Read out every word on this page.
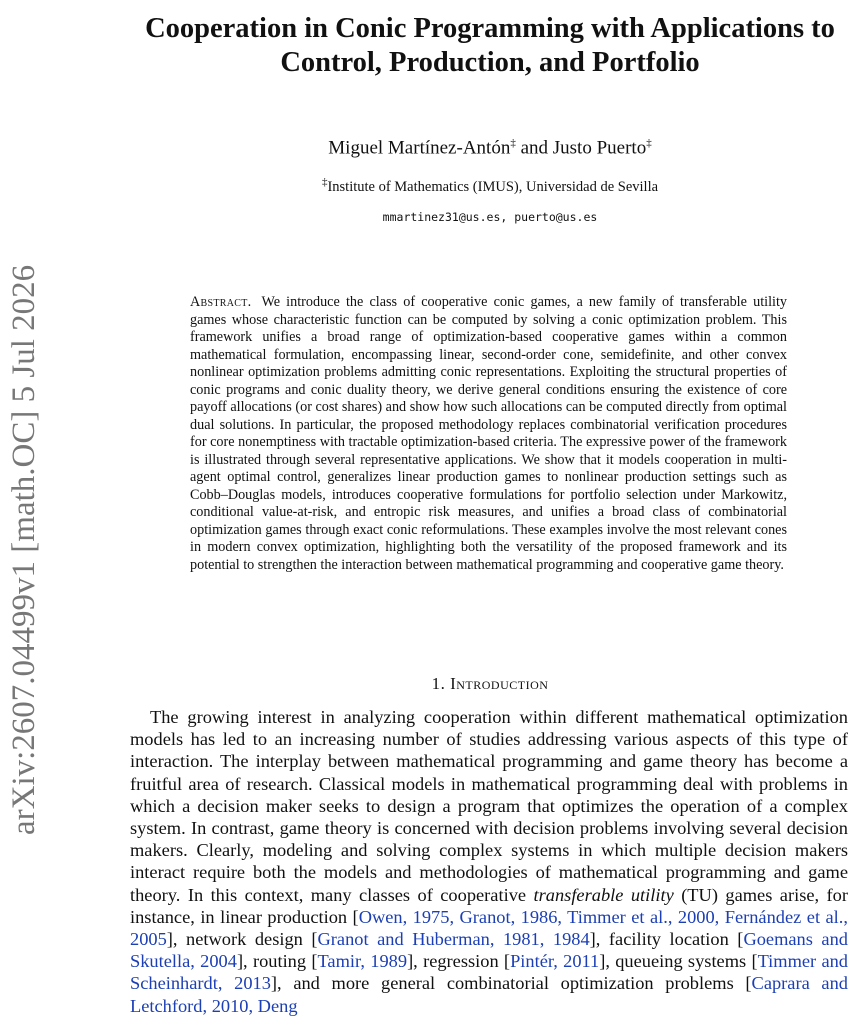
arXiv:2607.04499v1 [math.OC] 5 Jul 2026
Cooperation in Conic Programming with Applications to Control, Production, and Portfolio
Miguel Martínez-Antón‡ and Justo Puerto‡
‡Institute of Mathematics (IMUS), Universidad de Sevilla
mmartinez31@us.es, puerto@us.es
Abstract. We introduce the class of cooperative conic games, a new family of transferable utility games whose characteristic function can be computed by solving a conic optimization problem. This framework unifies a broad range of optimization-based cooperative games within a common mathematical formulation, encompassing linear, second-order cone, semidefinite, and other convex nonlinear optimization problems admitting conic representations. Exploiting the structural properties of conic programs and conic duality theory, we derive general conditions ensuring the existence of core payoff allocations (or cost shares) and show how such allocations can be computed directly from optimal dual solutions. In particular, the proposed methodology replaces combinatorial verification procedures for core nonemptiness with tractable optimization-based criteria. The expressive power of the framework is illustrated through several representative applications. We show that it models cooperation in multi-agent optimal control, generalizes linear production games to nonlinear production settings such as Cobb–Douglas models, introduces cooperative formulations for portfolio selection under Markowitz, conditional value-at-risk, and entropic risk measures, and unifies a broad class of combinatorial optimization games through exact conic reformulations. These examples involve the most relevant cones in modern convex optimization, highlighting both the versatility of the proposed framework and its potential to strengthen the interaction between mathematical programming and cooperative game theory.
1. Introduction
The growing interest in analyzing cooperation within different mathematical optimization models has led to an increasing number of studies addressing various aspects of this type of interaction. The interplay between mathematical programming and game theory has become a fruitful area of research. Classical models in mathematical programming deal with problems in which a decision maker seeks to design a program that optimizes the operation of a complex system. In contrast, game theory is concerned with decision problems involving several decision makers. Clearly, modeling and solving complex systems in which multiple decision makers interact require both the models and methodologies of mathematical programming and game theory. In this context, many classes of cooperative transferable utility (TU) games arise, for instance, in linear production [Owen, 1975, Granot, 1986, Timmer et al., 2000, Fernández et al., 2005], network design [Granot and Huberman, 1981, 1984], facility location [Goemans and Skutella, 2004], routing [Tamir, 1989], regression [Pintér, 2011], queueing systems [Timmer and Scheinhardt, 2013], and more general combinatorial optimization problems [Caprara and Letchford, 2010, Deng
